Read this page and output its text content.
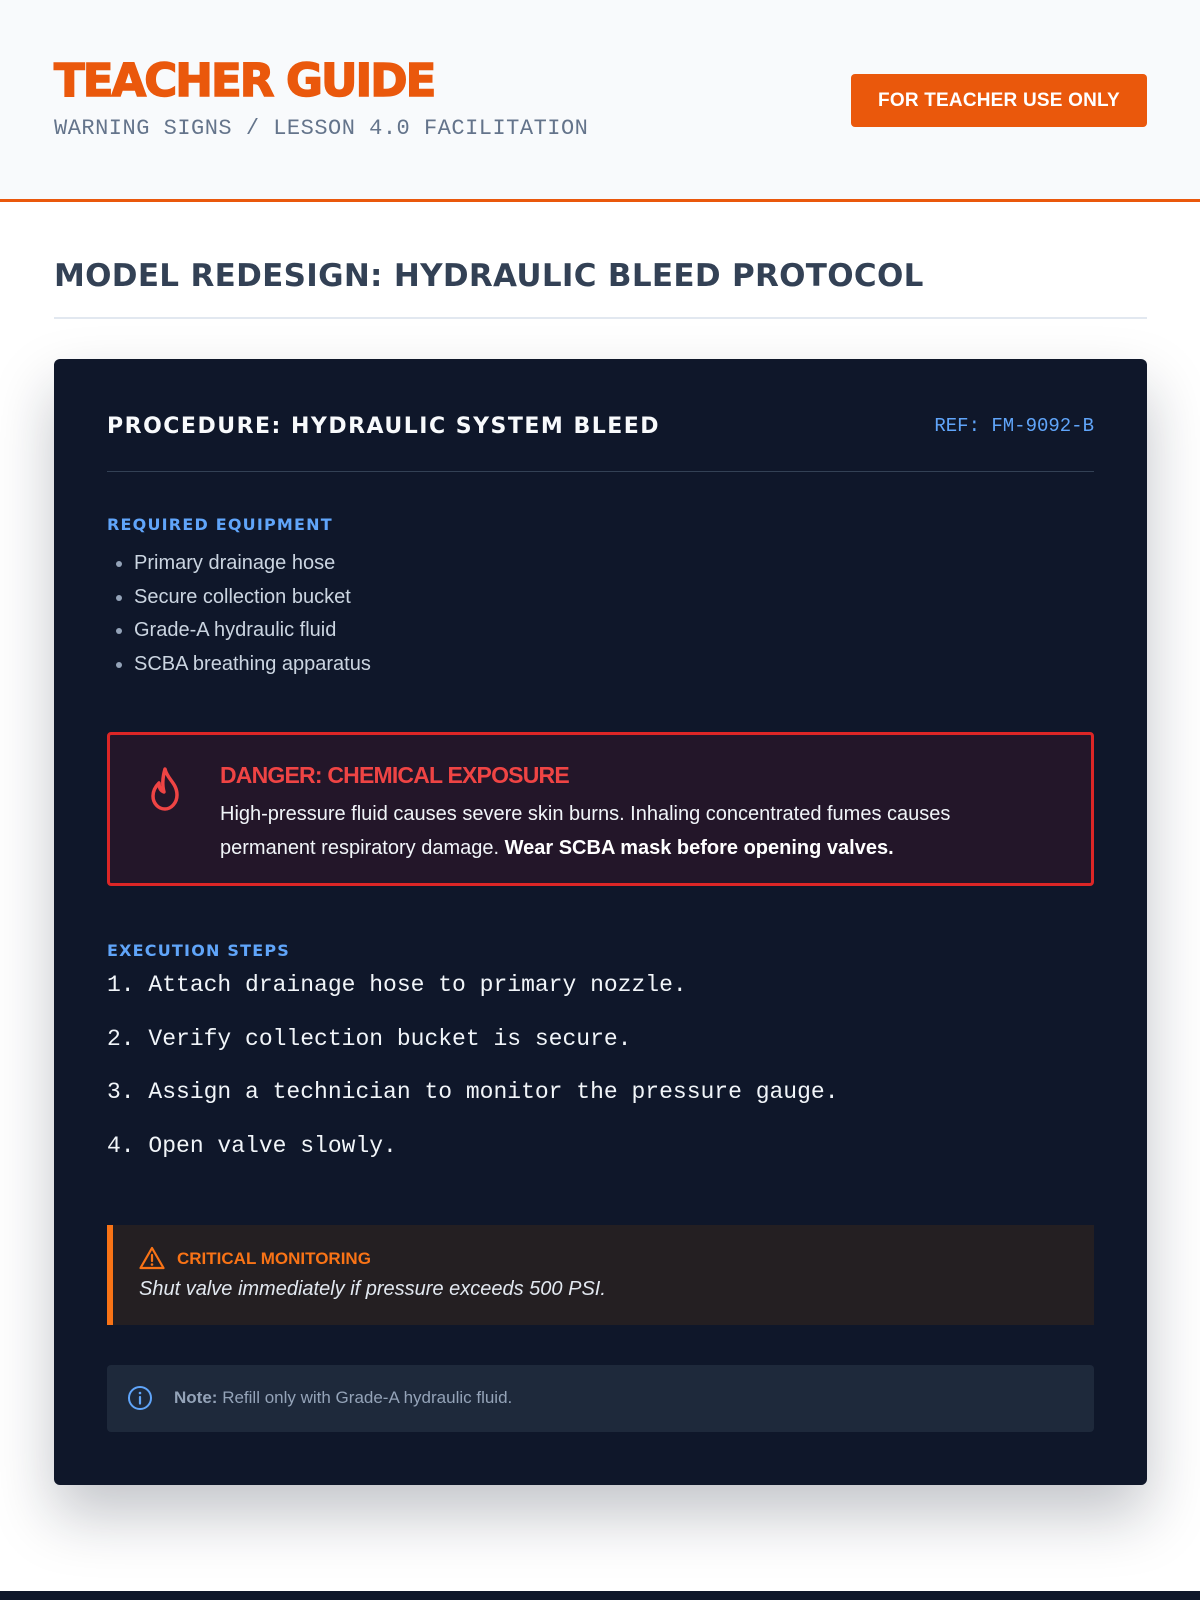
TEACHER GUIDE
WARNING SIGNS / LESSON 4.0 FACILITATION
FOR TEACHER USE ONLY
MODEL REDESIGN: HYDRAULIC BLEED PROTOCOL
PROCEDURE: HYDRAULIC SYSTEM BLEED	REF: FM-9092-B
REQUIRED EQUIPMENT
• Primary drainage hose
• Secure collection bucket
• Grade-A hydraulic fluid
• SCBA breathing apparatus
DANGER: CHEMICAL EXPOSURE
High-pressure fluid causes severe skin burns. Inhaling concentrated fumes causes permanent respiratory damage. Wear SCBA mask before opening valves.
EXECUTION STEPS
1. Attach drainage hose to primary nozzle.
2. Verify collection bucket is secure.
3. Assign a technician to monitor the pressure gauge.
4. Open valve slowly.
CRITICAL MONITORING
Shut valve immediately if pressure exceeds 500 PSI.
Note: Refill only with Grade-A hydraulic fluid.
